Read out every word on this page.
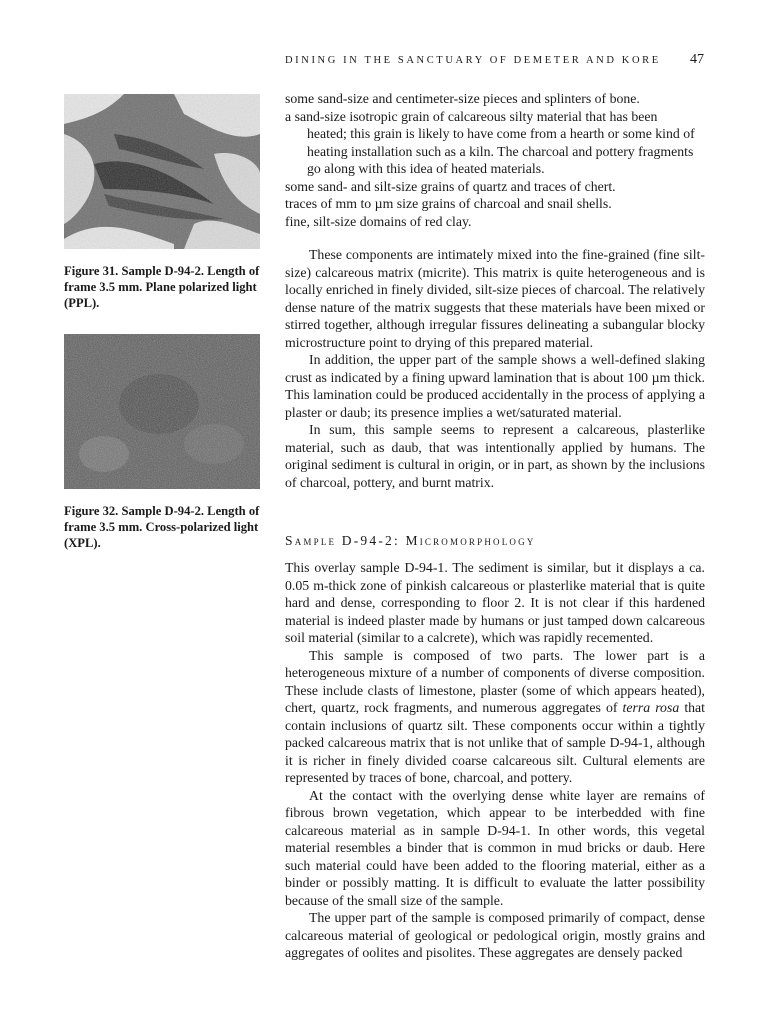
DINING IN THE SANCTUARY OF DEMETER AND KORE 47
Figure 31. Sample D-94-2. Length of frame 3.5 mm. Plane polarized light (PPL).
Figure 32. Sample D-94-2. Length of frame 3.5 mm. Cross-polarized light (XPL).
some sand-size and centimeter-size pieces and splinters of bone.
a sand-size isotropic grain of calcareous silty material that has been
heated; this grain is likely to have come from a hearth or some kind of heating installation such as a kiln. The charcoal and pottery fragments go along with this idea of heated materials.
some sand- and silt-size grains of quartz and traces of chert.
traces of mm to µm size grains of charcoal and snail shells.
fine, silt-size domains of red clay.

These components are intimately mixed into the fine-grained (fine silt-size) calcareous matrix (micrite). This matrix is quite heterogeneous and is locally enriched in finely divided, silt-size pieces of charcoal. The relatively dense nature of the matrix suggests that these materials have been mixed or stirred together, although irregular fissures delineating a subangular blocky microstructure point to drying of this prepared material.

In addition, the upper part of the sample shows a well-defined slaking crust as indicated by a fining upward lamination that is about 100 µm thick. This lamination could be produced accidentally in the process of applying a plaster or daub; its presence implies a wet/saturated material.

In sum, this sample seems to represent a calcareous, plasterlike material, such as daub, that was intentionally applied by humans. The original sediment is cultural in origin, or in part, as shown by the inclusions of charcoal, pottery, and burnt matrix.

Sample D-94-2: Micromorphology

This overlay sample D-94-1. The sediment is similar, but it displays a ca. 0.05 m-thick zone of pinkish calcareous or plasterlike material that is quite hard and dense, corresponding to floor 2. It is not clear if this hardened material is indeed plaster made by humans or just tamped down calcareous soil material (similar to a calcrete), which was rapidly recemented.

This sample is composed of two parts. The lower part is a heterogeneous mixture of a number of components of diverse composition. These include clasts of limestone, plaster (some of which appears heated), chert, quartz, rock fragments, and numerous aggregates of terra rosa that contain inclusions of quartz silt. These components occur within a tightly packed calcareous matrix that is not unlike that of sample D-94-1, although it is richer in finely divided coarse calcareous silt. Cultural elements are represented by traces of bone, charcoal, and pottery.

At the contact with the overlying dense white layer are remains of fibrous brown vegetation, which appear to be interbedded with fine calcareous material as in sample D-94-1. In other words, this vegetal material resembles a binder that is common in mud bricks or daub. Here such material could have been added to the flooring material, either as a binder or possibly matting. It is difficult to evaluate the latter possibility because of the small size of the sample.

The upper part of the sample is composed primarily of compact, dense calcareous material of geological or pedological origin, mostly grains and aggregates of oolites and pisolites. These aggregates are densely packed
